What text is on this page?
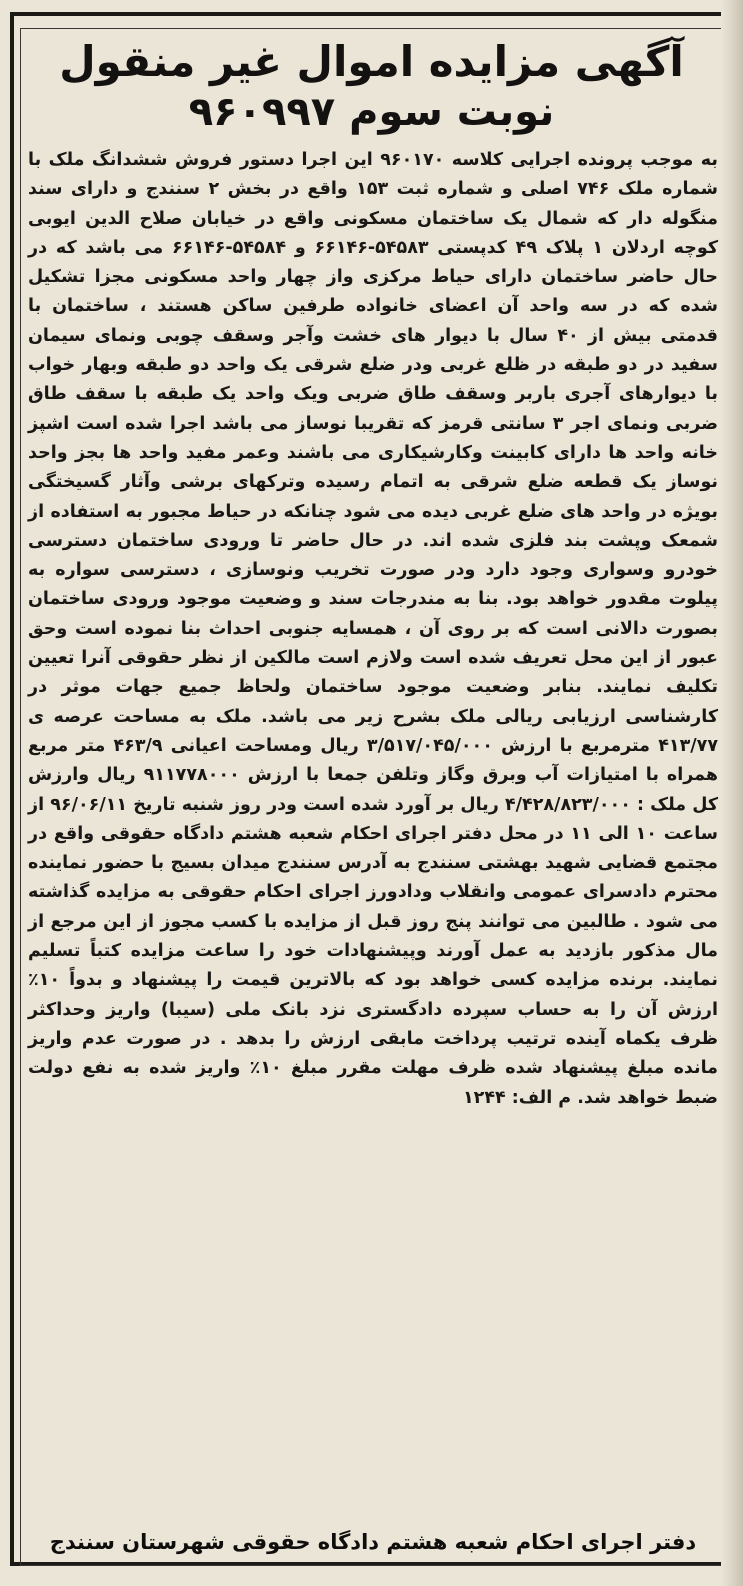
آگهی مزایده اموال غیر منقول
نوبت سوم ۹۶۰۹۹۷

به موجب پرونده اجرایی کلاسه ۹۶۰۱۷۰ این اجرا دستور فروش ششدانگ ملک با شماره ملک ۷۴۶ اصلی و شماره ثبت ۱۵۳ واقع در بخش ۲ سنندج و دارای سند منگوله دار که شمال یک ساختمان مسکونی واقع در خیابان صلاح الدین ایوبی کوچه اردلان ۱ پلاک ۴۹ کدپستی ۵۴۵۸۳-۶۶۱۴۶ و ۵۴۵۸۴-۶۶۱۴۶ می باشد که در حال حاضر ساختمان دارای حیاط مرکزی واز چهار واحد مسکونی مجزا تشکیل شده که در سه واحد آن اعضای خانواده طرفین ساکن هستند ، ساختمان با قدمتی بیش از ۴۰ سال با دیوار های خشت وآجر وسقف چوبی ونمای سیمان سفید در دو طبقه در ظلع غربی ودر ضلع شرقی یک واحد دو طبقه وبهار خواب با دیوارهای آجری باربر وسقف طاق ضربی ویک واحد یک طبقه با سقف طاق ضربی ونمای اجر ۳ سانتی قرمز که تقریبا نوساز می باشد اجرا شده است اشپز خانه واحد ها دارای کابینت وکارشیکاری می باشند وعمر مفید واحد ها بجز واحد نوساز یک قطعه ضلع شرقی به اتمام رسیده وترکهای برشی وآثار گسیختگی بویژه در واحد های ضلع غربی دیده می شود چنانکه در حیاط مجبور به استفاده از شمعک وپشت بند فلزی شده اند. در حال حاضر تا ورودی ساختمان دسترسی خودرو وسواری وجود دارد ودر صورت تخریب ونوسازی ، دسترسی سواره به پیلوت مقدور خواهد بود. بنا به مندرجات سند و وضعیت موجود ورودی ساختمان بصورت دالانی است که بر روی آن ، همسایه جنوبی احداث بنا نموده است وحق عبور از این محل تعریف شده است ولازم است مالکین از نظر حقوقی آنرا تعیین تکلیف نمایند. بنابر وضعیت موجود ساختمان ولحاظ جمیع جهات موثر در کارشناسی ارزیابی ریالی ملک بشرح زیر می باشد. ملک به مساحت عرصه ی ۴۱۳/۷۷ مترمربع با ارزش ۳/۵۱۷/۰۴۵/۰۰۰ ریال ومساحت اعیانی ۴۶۳/۹ متر مربع همراه با امتیازات آب وبرق وگاز وتلفن جمعا با ارزش ۹۱۱۷۷۸۰۰۰ ریال وارزش کل ملک : ۴/۴۲۸/۸۲۳/۰۰۰ ریال بر آورد شده است ودر روز شنبه تاریخ ۹۶/۰۶/۱۱ از ساعت ۱۰ الی ۱۱ در محل دفتر اجرای احکام شعبه هشتم دادگاه حقوقی واقع در مجتمع قضایی شهید بهشتی سنندج به آدرس سنندج میدان بسیج با حضور نماینده محترم دادسرای عمومی وانقلاب ودادورز اجرای احکام حقوقی به مزایده گذاشته می شود . طالبین می توانند پنج روز قبل از مزایده با کسب مجوز از این مرجع از مال مذکور بازدید به عمل آورند وپیشنهادات خود را ساعت مزایده کتباً تسلیم نمایند. برنده مزایده کسی خواهد بود که بالاترین قیمت را پیشنهاد و بدواً ۱۰٪ ارزش آن را به حساب سپرده دادگستری نزد بانک ملی (سیبا) واریز وحداکثر ظرف یکماه آینده ترتیب پرداخت مابقی ارزش را بدهد . در صورت عدم واریز مانده مبلغ پیشنهاد شده ظرف مهلت مقرر مبلغ ۱۰٪ واریز شده به نفع دولت ضبط خواهد شد. م الف: ۱۲۴۴

دفتر اجرای احکام شعبه هشتم دادگاه حقوقی شهرستان سنندج
